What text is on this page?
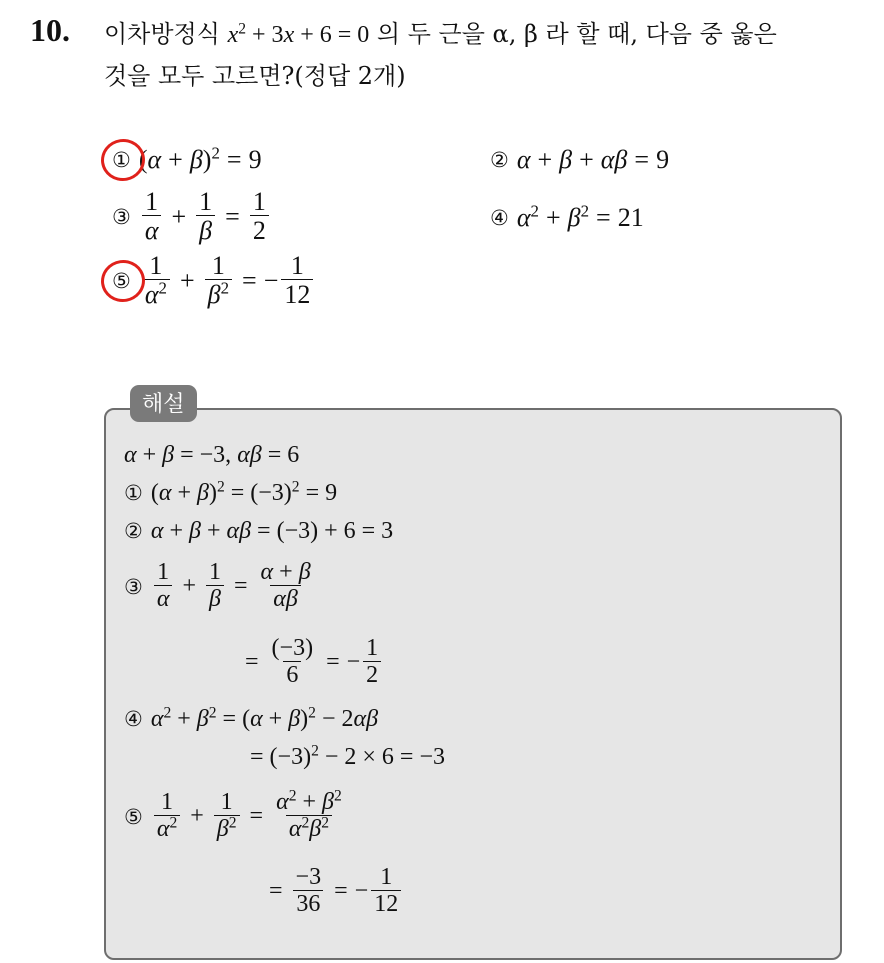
10. 이차방정식 $x^2 + 3x + 6 = 0$ 의 두 근을 α, β 라 할 때, 다음 중 옳은
것을 모두 고르면?(정답 2개)
① $(\alpha + \beta)^2 = 9$	② α + β + αβ = 9
③ $\frac{1}{\alpha} + \frac{1}{\beta} = \frac{1}{2}$	④ $\alpha^2 + \beta^2 = 21$
⑤ $\frac{1}{\alpha^2} + \frac{1}{\beta^2}$ = − $\frac{1}{12}$
해설
α + β = −3, αβ = 6
① $(\alpha + \beta)^2 = (-3)^2 = 9$
② α + β + αβ = (−3) + 6 = 3
③ $\frac{1}{\alpha} + \frac{1}{\beta} = \frac{\alpha + \beta}{\alpha\beta}$
= $\frac{(-3)}{6}$ = − $\frac{1}{2}$
④ $\alpha^2 + \beta^2 = (\alpha + \beta)^2 - 2\alpha\beta$
= $(-3)^2 - 2 \times 6 = -3$
⑤ $\frac{1}{\alpha^2} + \frac{1}{\beta^2} = \frac{\alpha^2 + \beta^2}{\alpha^2\beta^2}$
= $\frac{-3}{36}$ = − $\frac{1}{12}$
